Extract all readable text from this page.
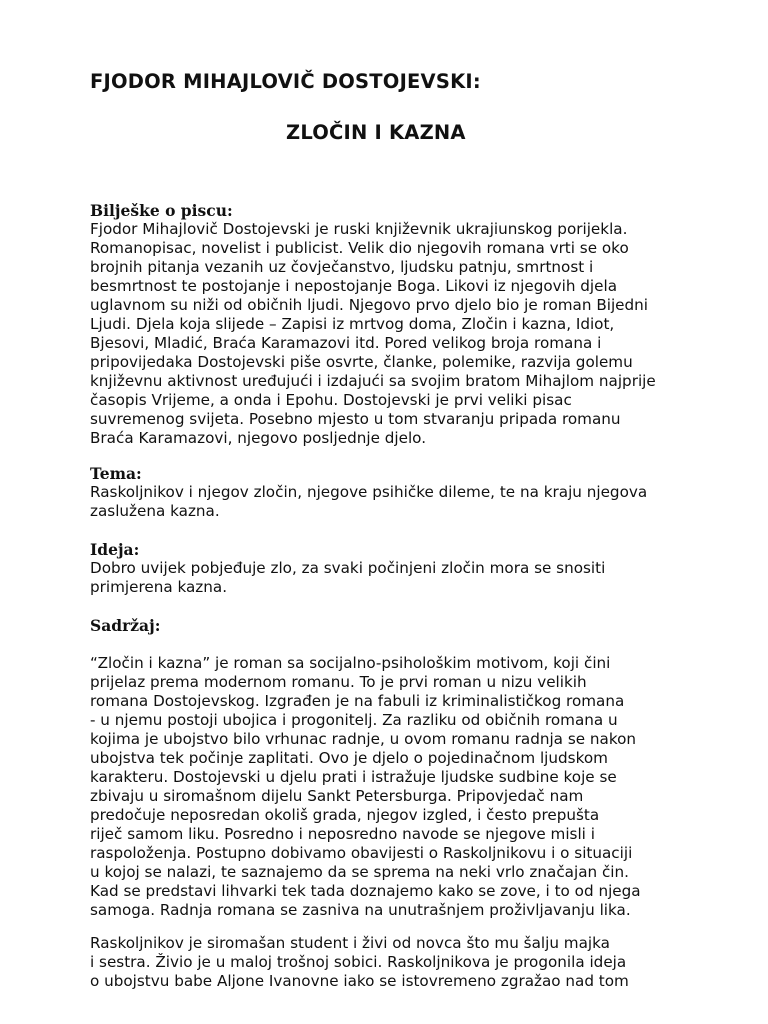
FJODOR MIHAJLOVIČ DOSTOJEVSKI:
ZLOČIN I KAZNA

Bilješke o piscu:

Fjodor Mihajlovič Dostojevski je ruski književnik ukrajiunskog porijekla.

Romanopisac, novelist i publicist. Velik dio njegovih romana vrti se oko

brojnih pitanja vezanih uz čovječanstvo, ljudsku patnju, smrtnost i

besmrtnost te postojanje i nepostojanje Boga. Likovi iz njegovih djela

uglavnom su niži od običnih ljudi. Njegovo prvo djelo bio je roman Bijedni

Ljudi. Djela koja slijede – Zapisi iz mrtvog doma, Zločin i kazna, Idiot,

Bjesovi, Mladić, Braća Karamazovi itd. Pored velikog broja romana i

pripovijedaka Dostojevski piše osvrte, članke, polemike, razvija golemu

književnu aktivnost uređujući i izdajući sa svojim bratom Mihajlom najprije

časopis Vrijeme, a onda i Epohu. Dostojevski je prvi veliki pisac

suvremenog svijeta. Posebno mjesto u tom stvaranju pripada romanu

Braća Karamazovi, njegovo posljednje djelo.

Tema:

Raskoljnikov i njegov zločin, njegove psihičke dileme, te na kraju njegova

zaslužena kazna.

Ideja:

Dobro uvijek pobjeđuje zlo, za svaki počinjeni zločin mora se snositi

primjerena kazna.

Sadržaj:

“Zločin i kazna” je roman sa socijalno-psihološkim motivom, koji čini

prijelaz prema modernom romanu. To je prvi roman u nizu velikih

romana Dostojevskog. Izgrađen je na fabuli iz kriminalističkog romana

- u njemu postoji ubojica i progonitelj. Za razliku od običnih romana u

kojima je ubojstvo bilo vrhunac radnje, u ovom romanu radnja se nakon

ubojstva tek počinje zaplitati. Ovo je djelo o pojedinačnom ljudskom

karakteru. Dostojevski u djelu prati i istražuje ljudske sudbine koje se

zbivaju u siromašnom dijelu Sankt Petersburga. Pripovjedač nam

predočuje neposredan okoliš grada, njegov izgled, i često prepušta

riječ samom liku. Posredno i neposredno navode se njegove misli i

raspoloženja. Postupno dobivamo obavijesti o Raskoljnikovu i o situaciji

u kojoj se nalazi, te saznajemo da se sprema na neki vrlo značajan čin.

Kad se predstavi lihvarki tek tada doznajemo kako se zove, i to od njega

samoga. Radnja romana se zasniva na unutrašnjem proživljavanju lika.

Raskoljnikov je siromašan student i živi od novca što mu šalju majka

i sestra. Živio je u maloj trošnoj sobici. Raskoljnikova je progonila ideja

o ubojstvu babe Aljone Ivanovne iako se istovremeno zgražao nad tom
